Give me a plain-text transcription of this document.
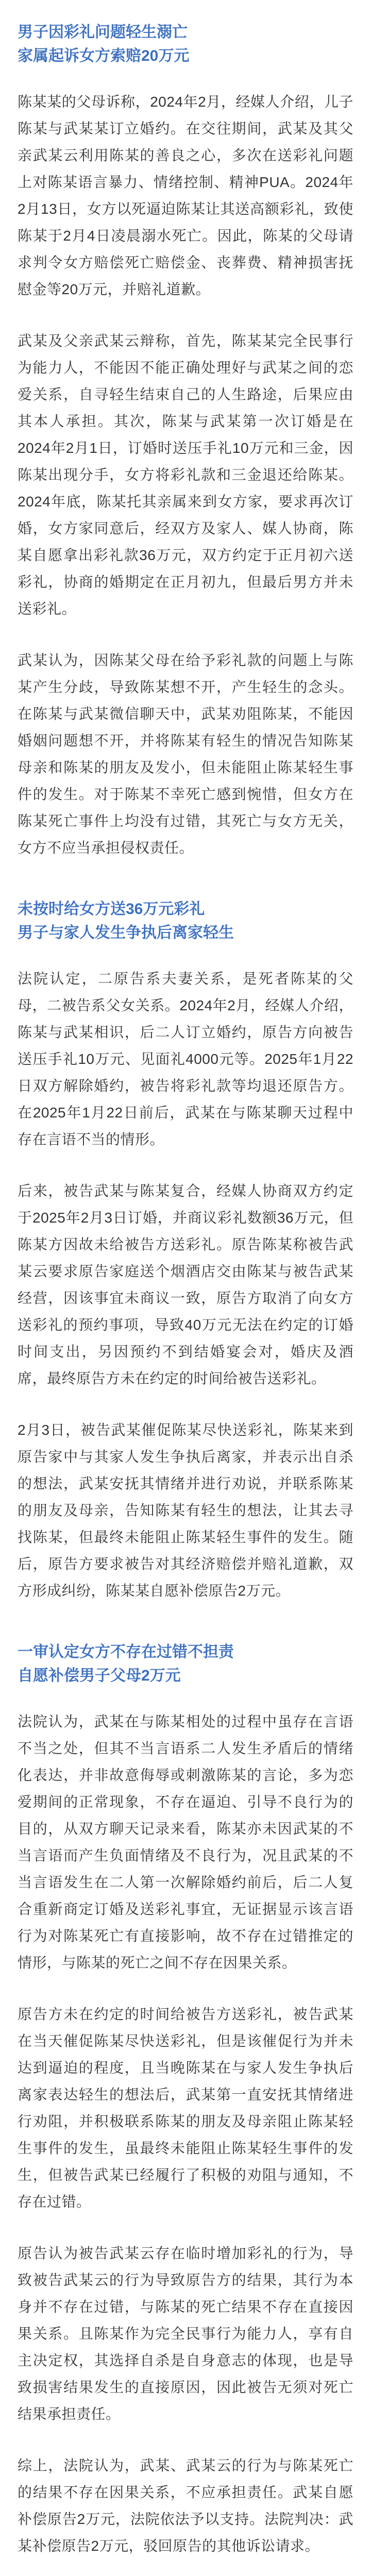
男子因彩礼问题轻生溺亡
家属起诉女方索赔20万元

陈某某的父母诉称，2024年2月，经媒人介绍，儿子陈某与武某某订立婚约。在交往期间，武某及其父亲武某云利用陈某的善良之心，多次在送彩礼问题上对陈某语言暴力、情绪控制、精神PUA。2024年2月13日，女方以死逼迫陈某让其送高额彩礼，致使陈某于2月4日凌晨溺水死亡。因此，陈某的父母请求判令女方赔偿死亡赔偿金、丧葬费、精神损害抚慰金等20万元，并赔礼道歉。

武某及父亲武某云辩称，首先，陈某某完全民事行为能力人，不能因不能正确处理好与武某之间的恋爱关系，自寻轻生结束自己的人生路途，后果应由其本人承担。其次，陈某与武某第一次订婚是在2024年2月1日，订婚时送压手礼10万元和三金，因陈某出现分手，女方将彩礼款和三金退还给陈某。2024年底，陈某托其亲属来到女方家，要求再次订婚，女方家同意后，经双方及家人、媒人协商，陈某自愿拿出彩礼款36万元，双方约定于正月初六送彩礼，协商的婚期定在正月初九，但最后男方并未送彩礼。

武某认为，因陈某父母在给予彩礼款的问题上与陈某产生分歧，导致陈某想不开，产生轻生的念头。在陈某与武某微信聊天中，武某劝阻陈某，不能因婚姻问题想不开，并将陈某有轻生的情况告知陈某母亲和陈某的朋友及发小，但未能阻止陈某轻生事件的发生。对于陈某不幸死亡感到惋惜，但女方在陈某死亡事件上均没有过错，其死亡与女方无关，女方不应当承担侵权责任。

未按时给女方送36万元彩礼
男子与家人发生争执后离家轻生

法院认定，二原告系夫妻关系，是死者陈某的父母，二被告系父女关系。2024年2月，经媒人介绍，陈某与武某相识，后二人订立婚约，原告方向被告送压手礼10万元、见面礼4000元等。2025年1月22日双方解除婚约，被告将彩礼款等均退还原告方。在2025年1月22日前后，武某在与陈某聊天过程中存在言语不当的情形。

后来，被告武某与陈某复合，经媒人协商双方约定于2025年2月3日订婚，并商议彩礼数额36万元，但陈某方因故未给被告方送彩礼。原告陈某称被告武某云要求原告家庭送个烟酒店交由陈某与被告武某经营，因该事宜未商议一致，原告方取消了向女方送彩礼的预约事项，导致40万元无法在约定的订婚时间支出，另因预约不到结婚宴会对，婚庆及酒席，最终原告方未在约定的时间给被告送彩礼。

2月3日，被告武某催促陈某尽快送彩礼，陈某来到原告家中与其家人发生争执后离家，并表示出自杀的想法，武某安抚其情绪并进行劝说，并联系陈某的朋友及母亲，告知陈某有轻生的想法，让其去寻找陈某，但最终未能阻止陈某轻生事件的发生。随后，原告方要求被告对其经济赔偿并赔礼道歉，双方形成纠纷，陈某某自愿补偿原告2万元。

一审认定女方不存在过错不担责
自愿补偿男子父母2万元

法院认为，武某在与陈某相处的过程中虽存在言语不当之处，但其不当言语系二人发生矛盾后的情绪化表达，并非故意侮辱或刺激陈某的言论，多为恋爱期间的正常现象，不存在逼迫、引导不良行为的目的，从双方聊天记录来看，陈某亦未因武某的不当言语而产生负面情绪及不良行为，况且武某的不当言语发生在二人第一次解除婚约前后，后二人复合重新商定订婚及送彩礼事宜，无证据显示该言语行为对陈某死亡有直接影响，故不存在过错推定的情形，与陈某的死亡之间不存在因果关系。

原告方未在约定的时间给被告方送彩礼，被告武某在当天催促陈某尽快送彩礼，但是该催促行为并未达到逼迫的程度，且当晚陈某在与家人发生争执后离家表达轻生的想法后，武某第一直安抚其情绪进行劝阻，并积极联系陈某的朋友及母亲阻止陈某轻生事件的发生，虽最终未能阻止陈某轻生事件的发生，但被告武某已经履行了积极的劝阻与通知，不存在过错。

原告认为被告武某云存在临时增加彩礼的行为，导致被告武某云的行为导致原告方的结果，其行为本身并不存在过错，与陈某的死亡结果不存在直接因果关系。且陈某作为完全民事行为能力人，享有自主决定权，其选择自杀是自身意志的体现，也是导致损害结果发生的直接原因，因此被告无须对死亡结果承担责任。

综上，法院认为，武某、武某云的行为与陈某死亡的结果不存在因果关系，不应承担责任。武某自愿补偿原告2万元，法院依法予以支持。法院判决：武某补偿原告2万元，驳回原告的其他诉讼请求。
